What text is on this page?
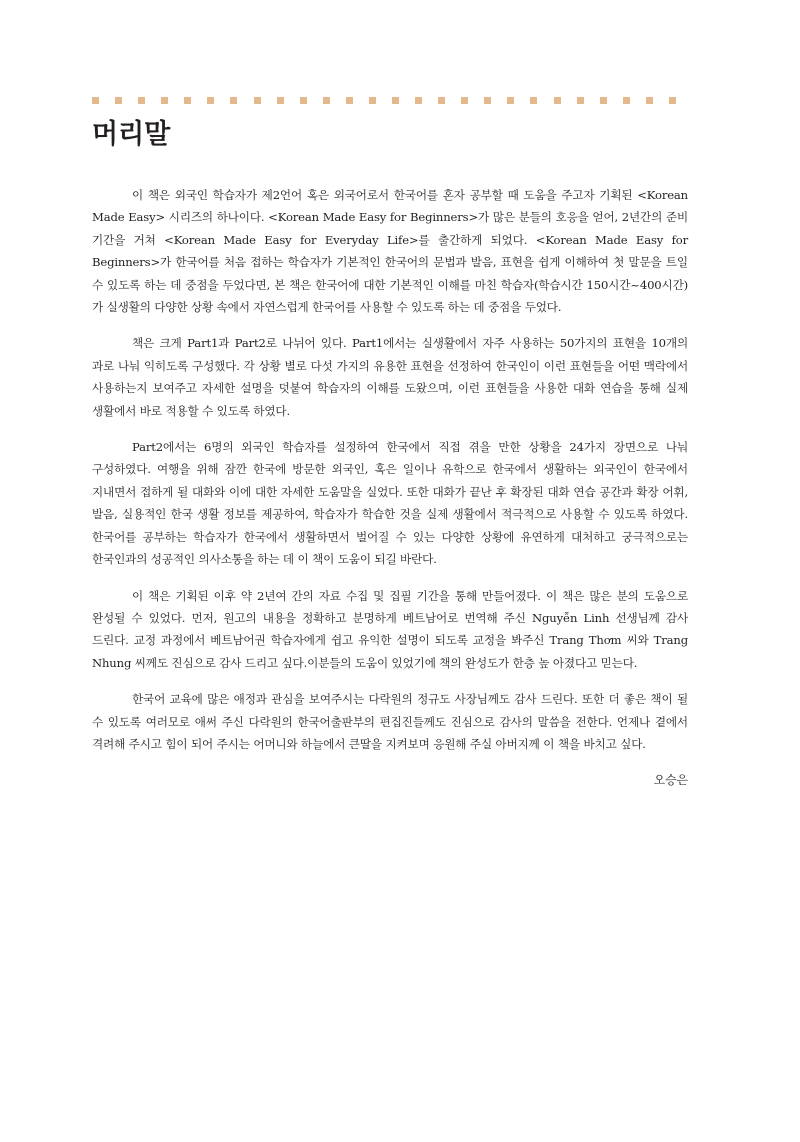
머리말

이 책은 외국인 학습자가 제2언어 혹은 외국어로서 한국어를 혼자 공부할 때 도움을 주고자 기획된 <Korean Made Easy> 시리즈의 하나이다. <Korean Made Easy for Beginners>가 많은 분들의 호응을 얻어, 2년간의 준비 기간을 거쳐 <Korean Made Easy for Everyday Life>를 출간하게 되었다. <Korean Made Easy for Beginners>가 한국어를 처음 접하는 학습자가 기본적인 한국어의 문법과 발음, 표현을 쉽게 이해하여 첫 말문을 트일 수 있도록 하는 데 중점을 두었다면, 본 책은 한국어에 대한 기본적인 이해를 마친 학습자(학습시간 150시간~400시간)가 실생활의 다양한 상황 속에서 자연스럽게 한국어를 사용할 수 있도록 하는 데 중점을 두었다.

책은 크게 Part1과 Part2로 나뉘어 있다. Part1에서는 실생활에서 자주 사용하는 50가지의 표현을 10개의 과로 나눠 익히도록 구성했다. 각 상황 별로 다섯 가지의 유용한 표현을 선정하여 한국인이 이런 표현들을 어떤 맥락에서 사용하는지 보여주고 자세한 설명을 덧붙여 학습자의 이해를 도왔으며, 이런 표현들을 사용한 대화 연습을 통해 실제 생활에서 바로 적용할 수 있도록 하였다.

Part2에서는 6명의 외국인 학습자를 설정하여 한국에서 직접 겪을 만한 상황을 24가지 장면으로 나눠 구성하였다. 여행을 위해 잠깐 한국에 방문한 외국인, 혹은 일이나 유학으로 한국에서 생활하는 외국인이 한국에서 지내면서 접하게 될 대화와 이에 대한 자세한 도움말을 실었다. 또한 대화가 끝난 후 확장된 대화 연습 공간과 확장 어휘, 발음, 실용적인 한국 생활 정보를 제공하여, 학습자가 학습한 것을 실제 생활에서 적극적으로 사용할 수 있도록 하였다. 한국어를 공부하는 학습자가 한국에서 생활하면서 벌어질 수 있는 다양한 상황에 유연하게 대처하고 궁극적으로는 한국인과의 성공적인 의사소통을 하는 데 이 책이 도움이 되길 바란다.

이 책은 기획된 이후 약 2년여 간의 자료 수집 및 집필 기간을 통해 만들어졌다. 이 책은 많은 분의 도움으로 완성될 수 있었다. 먼저, 원고의 내용을 정확하고 분명하게 베트남어로 번역해 주신 Nguyễn Linh 선생님께 감사 드린다. 교정 과정에서 베트남어권 학습자에게 쉽고 유익한 설명이 되도록 교정을 봐주신 Trang Thơm 씨와 Trang Nhung 씨께도 진심으로 감사 드리고 싶다.이분들의 도움이 있었기에 책의 완성도가 한층 높 아졌다고 믿는다.

한국어 교육에 많은 애정과 관심을 보여주시는 다락원의 정규도 사장님께도 감사 드린다. 또한 더 좋은 책이 될 수 있도록 여러모로 애써 주신 다락원의 한국어출판부의 편집진들께도 진심으로 감사의 말씀을 전한다. 언제나 곁에서 격려해 주시고 힘이 되어 주시는 어머니와 하늘에서 큰딸을 지켜보며 응원해 주실 아버지께 이 책을 바치고 싶다.

오승은
